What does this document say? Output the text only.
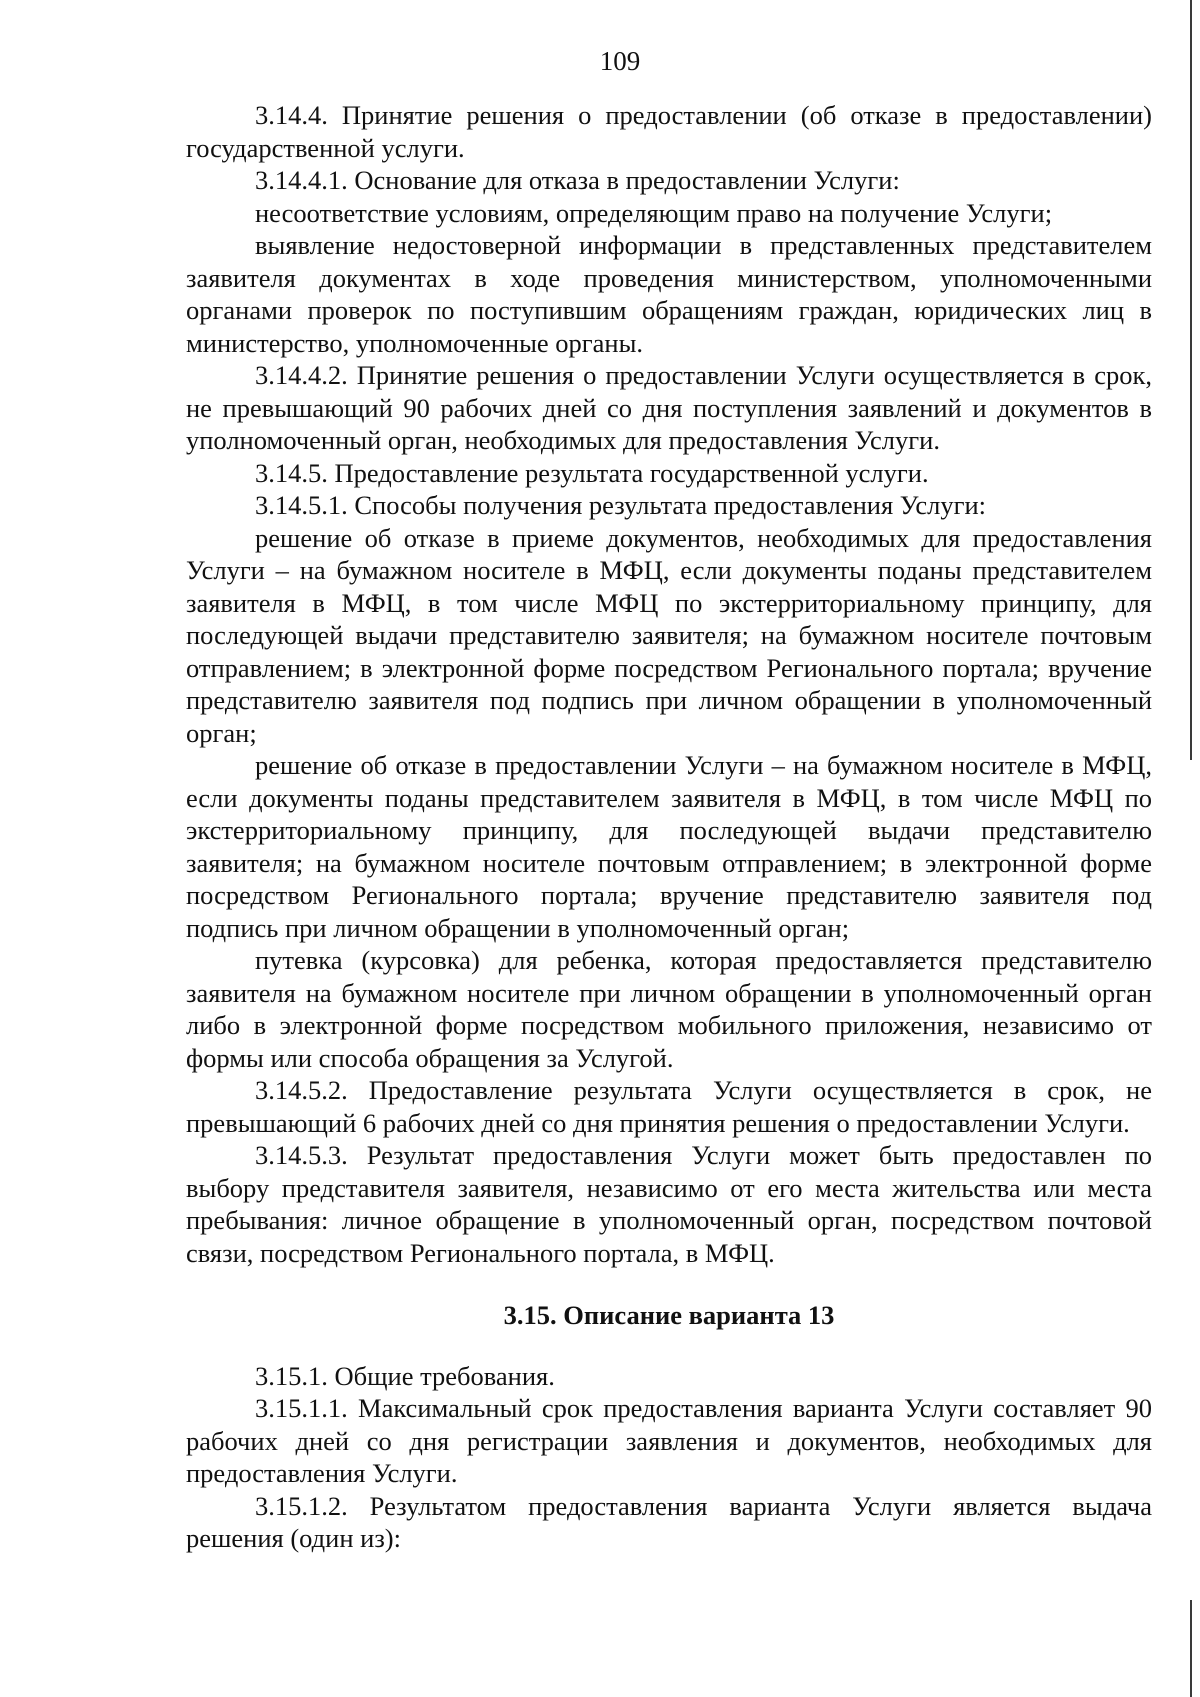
109

3.14.4. Принятие решения о предоставлении (об отказе в предоставлении) государственной услуги.

3.14.4.1. Основание для отказа в предоставлении Услуги:

несоответствие условиям, определяющим право на получение Услуги;

выявление недостоверной информации в представленных представителем заявителя документах в ходе проведения министерством, уполномоченными органами проверок по поступившим обращениям граждан, юридических лиц в министерство, уполномоченные органы.

3.14.4.2. Принятие решения о предоставлении Услуги осуществляется в срок, не превышающий 90 рабочих дней со дня поступления заявлений и документов в уполномоченный орган, необходимых для предоставления Услуги.

3.14.5. Предоставление результата государственной услуги.

3.14.5.1. Способы получения результата предоставления Услуги:

решение об отказе в приеме документов, необходимых для предоставления Услуги – на бумажном носителе в МФЦ, если документы поданы представителем заявителя в МФЦ, в том числе МФЦ по экстерриториальному принципу, для последующей выдачи представителю заявителя; на бумажном носителе почтовым отправлением; в электронной форме посредством Регионального портала; вручение представителю заявителя под подпись при личном обращении в уполномоченный орган;

решение об отказе в предоставлении Услуги – на бумажном носителе в МФЦ, если документы поданы представителем заявителя в МФЦ, в том числе МФЦ по экстерриториальному принципу, для последующей выдачи представителю заявителя; на бумажном носителе почтовым отправлением; в электронной форме посредством Регионального портала; вручение представителю заявителя под подпись при личном обращении в уполномоченный орган;

путевка (курсовка) для ребенка, которая предоставляется представителю заявителя на бумажном носителе при личном обращении в уполномоченный орган либо в электронной форме посредством мобильного приложения, независимо от формы или способа обращения за Услугой.

3.14.5.2. Предоставление результата Услуги осуществляется в срок, не превышающий 6 рабочих дней со дня принятия решения о предоставлении Услуги.

3.14.5.3. Результат предоставления Услуги может быть предоставлен по выбору представителя заявителя, независимо от его места жительства или места пребывания: личное обращение в уполномоченный орган, посредством почтовой связи, посредством Регионального портала, в МФЦ.

3.15. Описание варианта 13

3.15.1. Общие требования.

3.15.1.1. Максимальный срок предоставления варианта Услуги составляет 90 рабочих дней со дня регистрации заявления и документов, необходимых для предоставления Услуги.

3.15.1.2. Результатом предоставления варианта Услуги является выдача решения (один из):
